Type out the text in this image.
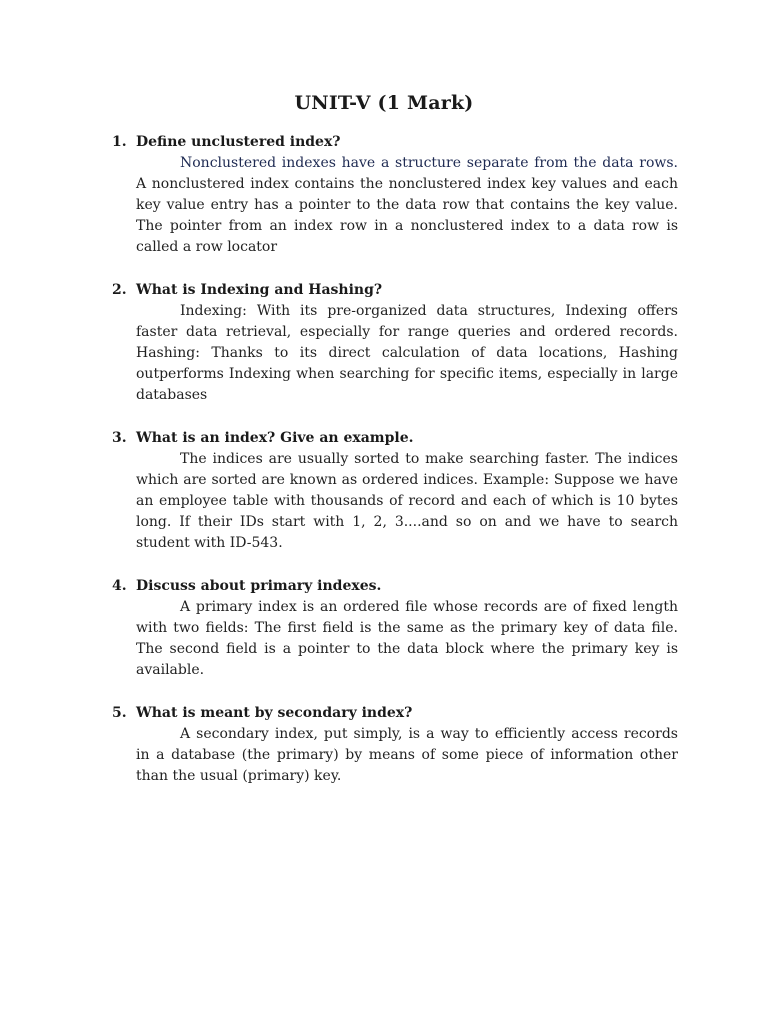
UNIT-V (1 Mark)
1. Define unclustered index?
Nonclustered indexes have a structure separate from the data rows. A nonclustered index contains the nonclustered index key values and each key value entry has a pointer to the data row that contains the key value. The pointer from an index row in a nonclustered index to a data row is called a row locator
2. What is Indexing and Hashing?
Indexing: With its pre-organized data structures, Indexing offers faster data retrieval, especially for range queries and ordered records. Hashing: Thanks to its direct calculation of data locations, Hashing outperforms Indexing when searching for specific items, especially in large databases
3. What is an index? Give an example.
The indices are usually sorted to make searching faster. The indices which are sorted are known as ordered indices. Example: Suppose we have an employee table with thousands of record and each of which is 10 bytes long. If their IDs start with 1, 2, 3....and so on and we have to search student with ID-543.
4. Discuss about primary indexes.
A primary index is an ordered file whose records are of fixed length with two fields: The first field is the same as the primary key of data file. The second field is a pointer to the data block where the primary key is available.
5. What is meant by secondary index?
A secondary index, put simply, is a way to efficiently access records in a database (the primary) by means of some piece of information other than the usual (primary) key.
